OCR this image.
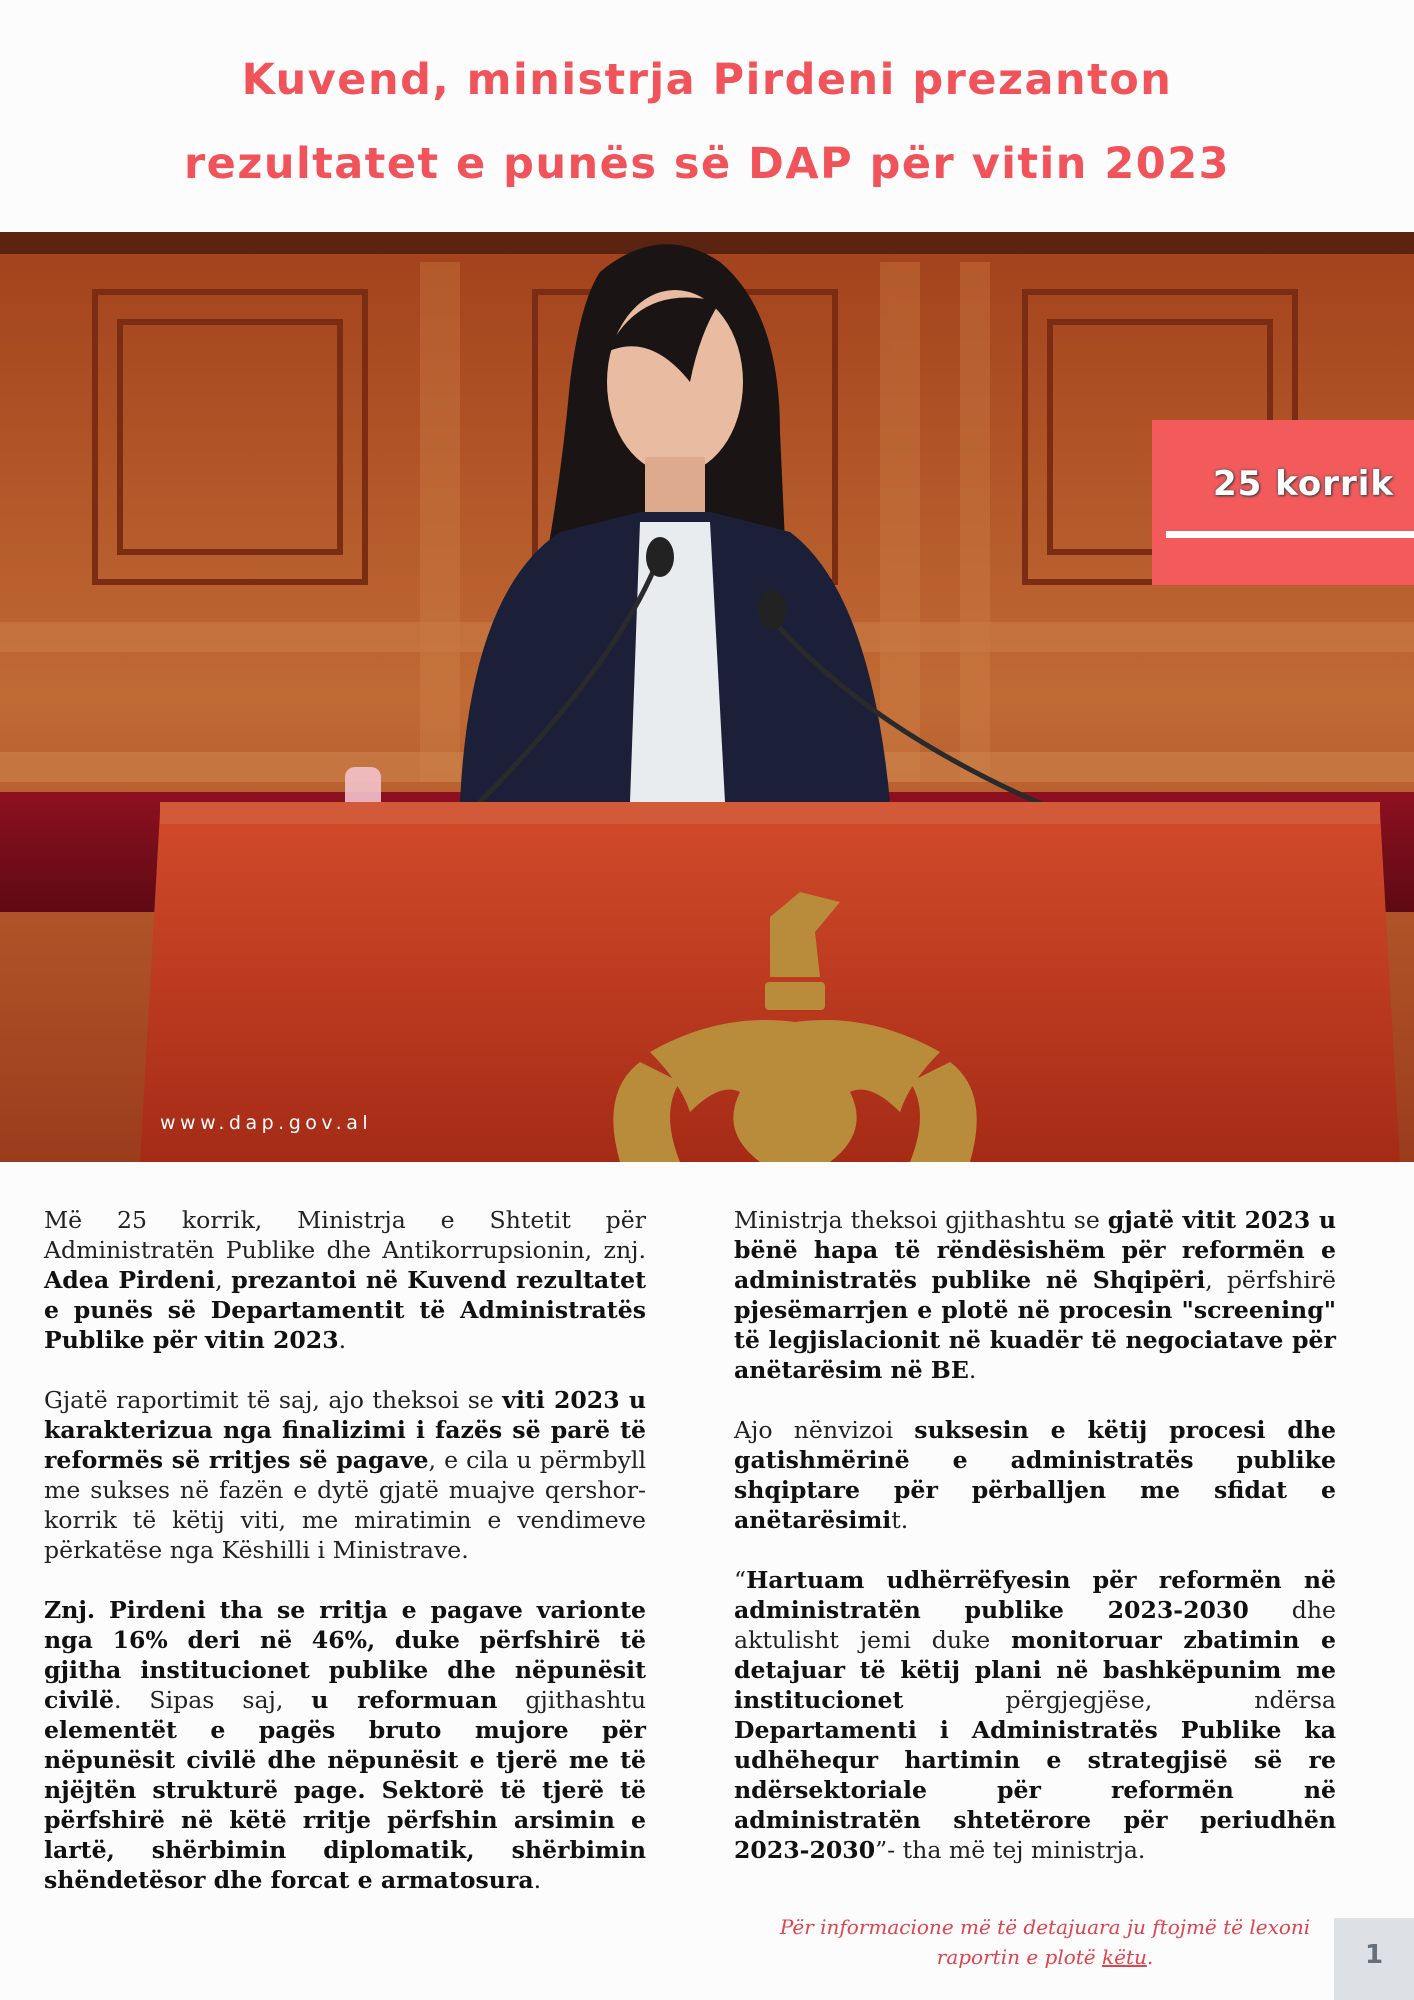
Kuvend, ministrja Pirdeni prezanton
rezultatet e punës së DAP për vitin 2023
25 korrik
www.dap.gov.al

Më 25 korrik, Ministrja e Shtetit për Administratën Publike dhe Antikorrupsionin, znj. Adea Pirdeni, prezantoi në Kuvend rezultatet e punës së Departamentit të Administratës Publike për vitin 2023.

Gjatë raportimit të saj, ajo theksoi se viti 2023 u karakterizua nga finalizimi i fazës së parë të reformës së rritjes së pagave, e cila u përmbyll me sukses në fazën e dytë gjatë muajve qershor-korrik të këtij viti, me miratimin e vendimeve përkatëse nga Këshilli i Ministrave.

Znj. Pirdeni tha se rritja e pagave varionte nga 16% deri në 46%, duke përfshirë të gjitha institucionet publike dhe nëpunësit civilë. Sipas saj, u reformuan gjithashtu elementët e pagës bruto mujore për nëpunësit civilë dhe nëpunësit e tjerë me të njëjtën strukturë page. Sektorë të tjerë të përfshirë në këtë rritje përfshin arsimin e lartë, shërbimin diplomatik, shërbimin shëndetësor dhe forcat e armatosura.

Ministrja theksoi gjithashtu se gjatë vitit 2023 u bënë hapa të rëndësishëm për reformën e administratës publike në Shqipëri, përfshirë pjesëmarrjen e plotë në procesin "screening" të legjislacionit në kuadër të negociatave për anëtarësim në BE.

Ajo nënvizoi suksesin e këtij procesi dhe gatishmërinë e administratës publike shqiptare për përballjen me sfidat e anëtarësimit.

“Hartuam udhërrëfyesin për reformën në administratën publike 2023-2030 dhe aktulisht jemi duke monitoruar zbatimin e detajuar të këtij plani në bashkëpunim me institucionet përgjegjëse, ndërsa Departamenti i Administratës Publike ka udhëhequr hartimin e strategjisë së re ndërsektoriale për reformën në administratën shtetërore për periudhën 2023-2030”- tha më tej ministrja.

Për informacione më të detajuara ju ftojmë të lexoni raportin e plotë këtu.	1
